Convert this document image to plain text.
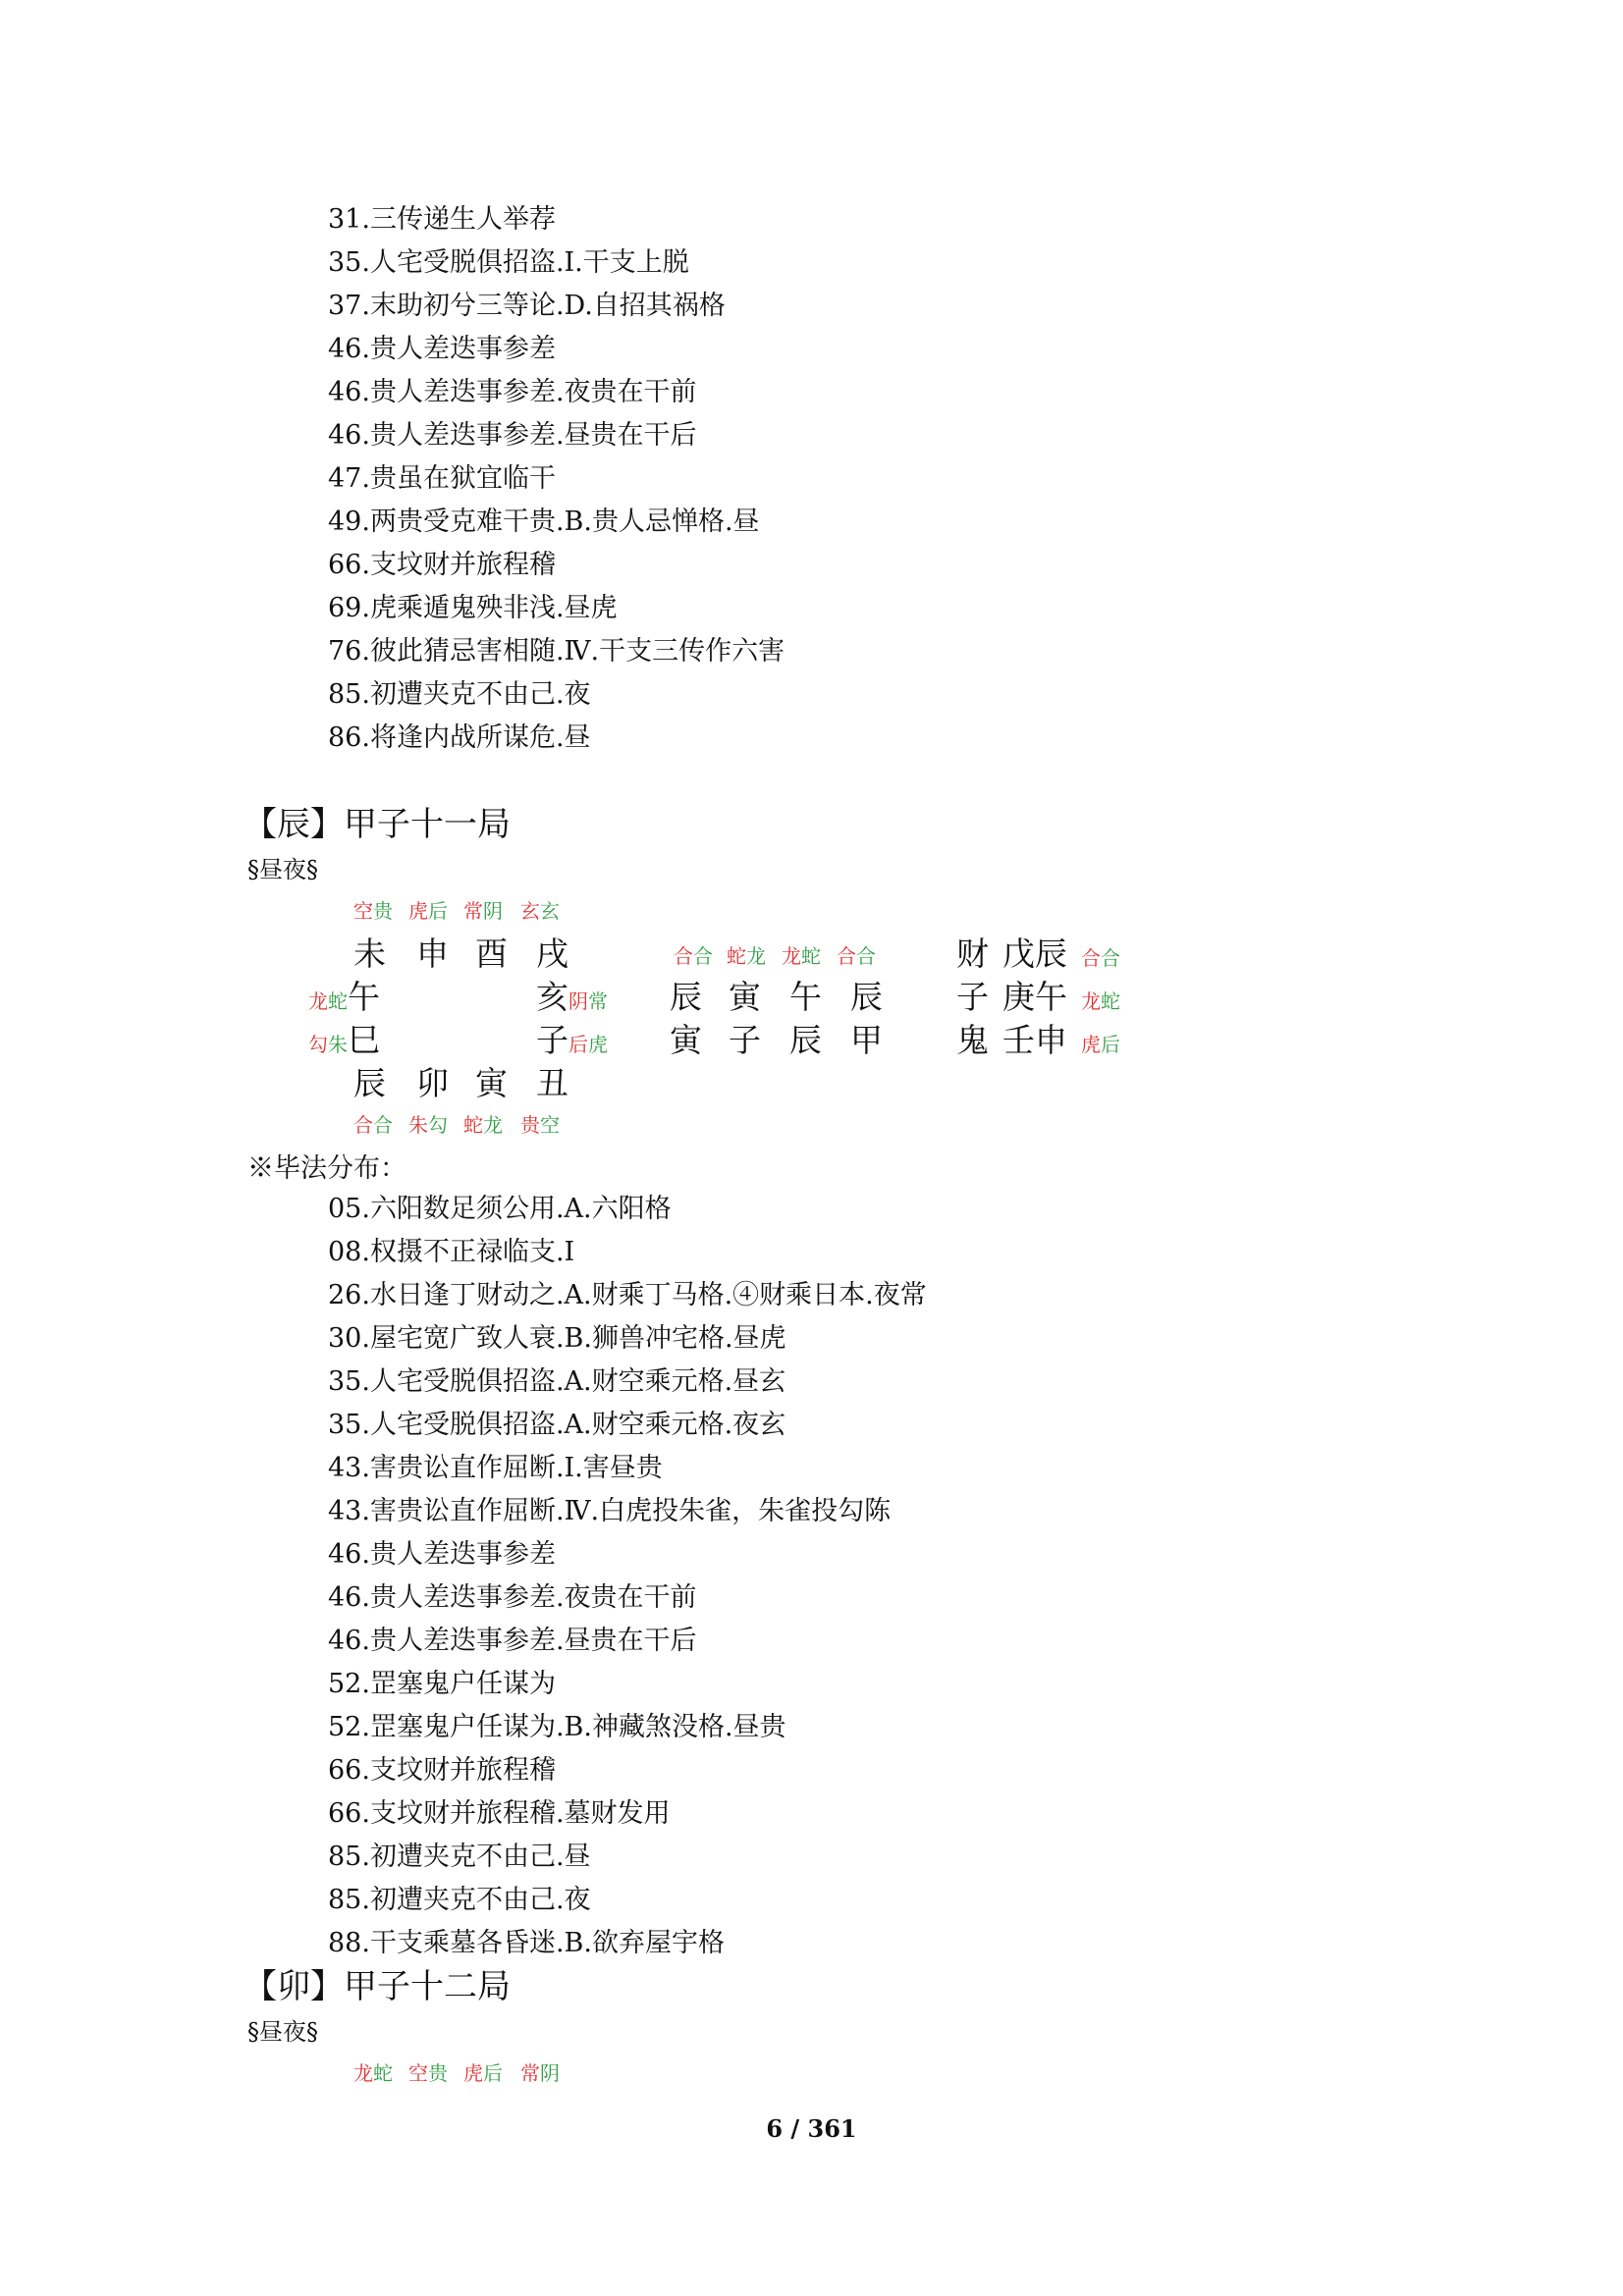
31.三传递生人举荐
35.人宅受脱俱招盗.Ⅰ.干支上脱
37.末助初兮三等论.D.自招其祸格
46.贵人差迭事参差
46.贵人差迭事参差.夜贵在干前
46.贵人差迭事参差.昼贵在干后
47.贵虽在狱宜临干
49.两贵受克难干贵.B.贵人忌惮格.昼
66.支坟财并旅程稽
69.虎乘遁鬼殃非浅.昼虎
76.彼此猜忌害相随.Ⅳ.干支三传作六害
85.初遭夹克不由己.夜
86.将逢内战所谋危.昼
【辰】甲子十一局
§昼夜§
空贵 虎后 常阴 玄玄
未 申 酉 戌
龙蛇午	亥阴常
勾朱巳	子后虎
辰 卯 寅 丑
合合 朱勾 蛇龙 贵空
合合 蛇龙 龙蛇 合合
辰 寅 午 辰
寅 子 辰 甲
财 戊辰 合合
子 庚午 龙蛇
鬼 壬申 虎后
※毕法分布：
05.六阳数足须公用.A.六阳格
08.权摄不正禄临支.Ⅰ
26.水日逢丁财动之.A.财乘丁马格.④财乘日本.夜常
30.屋宅宽广致人衰.B.狮兽冲宅格.昼虎
35.人宅受脱俱招盗.A.财空乘元格.昼玄
35.人宅受脱俱招盗.A.财空乘元格.夜玄
43.害贵讼直作屈断.Ⅰ.害昼贵
43.害贵讼直作屈断.Ⅳ.白虎投朱雀，朱雀投勾陈
46.贵人差迭事参差
46.贵人差迭事参差.夜贵在干前
46.贵人差迭事参差.昼贵在干后
52.罡塞鬼户任谋为
52.罡塞鬼户任谋为.B.神藏煞没格.昼贵
66.支坟财并旅程稽
66.支坟财并旅程稽.墓财发用
85.初遭夹克不由己.昼
85.初遭夹克不由己.夜
88.干支乘墓各昏迷.B.欲弃屋宇格
【卯】甲子十二局
§昼夜§
龙蛇 空贵 虎后 常阴
6 / 361
